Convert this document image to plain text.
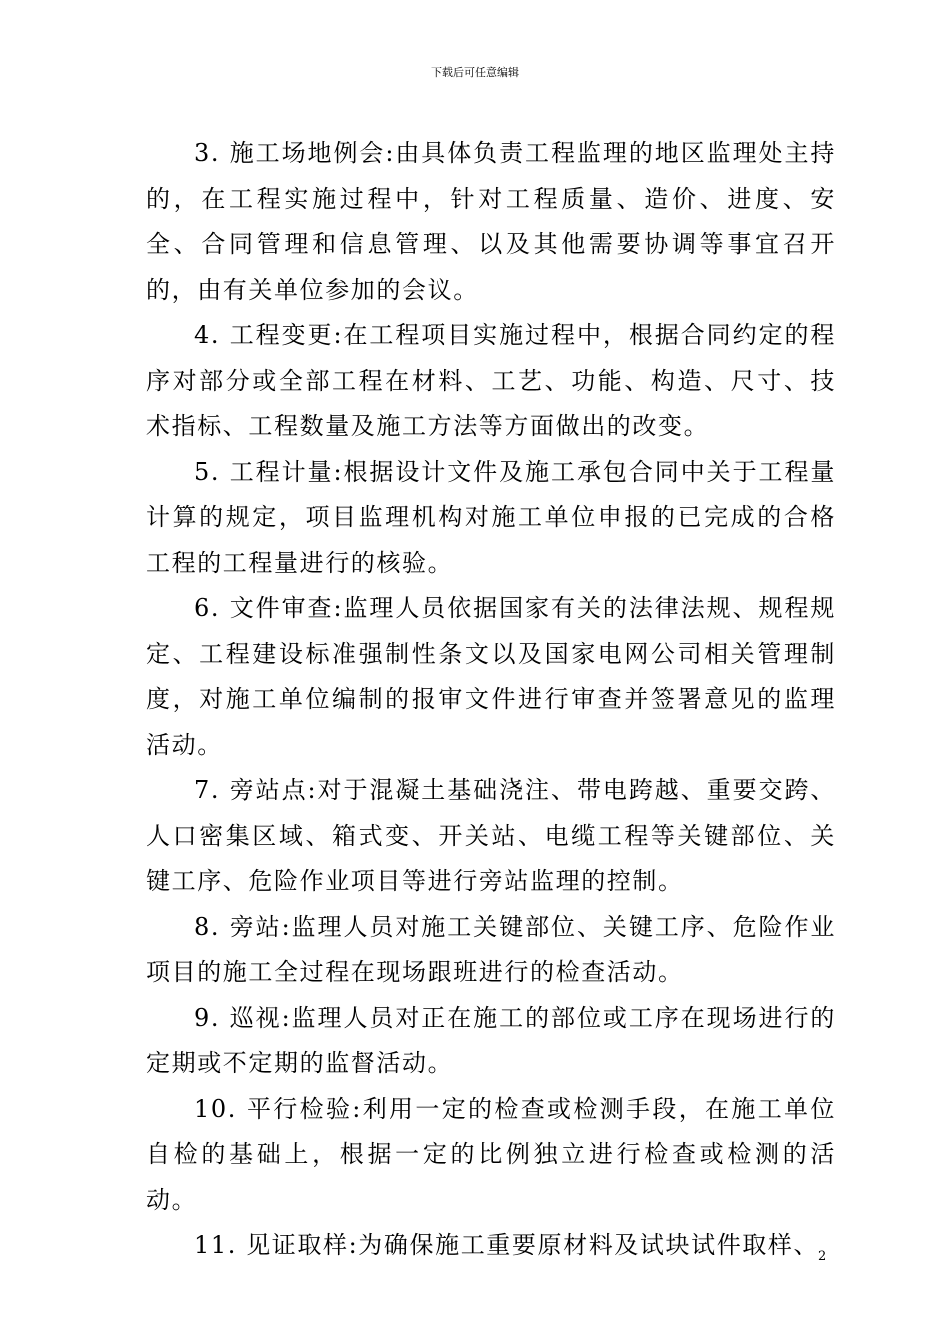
下载后可任意编辑

3. 施工场地例会:由具体负责工程监理的地区监理处主持的，在工程实施过程中，针对工程质量、造价、进度、安全、合同管理和信息管理、以及其他需要协调等事宜召开的，由有关单位参加的会议。

4. 工程变更:在工程项目实施过程中，根据合同约定的程序对部分或全部工程在材料、工艺、功能、构造、尺寸、技术指标、工程数量及施工方法等方面做出的改变。

5. 工程计量:根据设计文件及施工承包合同中关于工程量计算的规定，项目监理机构对施工单位申报的已完成的合格工程的工程量进行的核验。

6. 文件审查:监理人员依据国家有关的法律法规、规程规定、工程建设标准强制性条文以及国家电网公司相关管理制度，对施工单位编制的报审文件进行审查并签署意见的监理活动。

7. 旁站点:对于混凝土基础浇注、带电跨越、重要交跨、人口密集区域、箱式变、开关站、电缆工程等关键部位、关键工序、危险作业项目等进行旁站监理的控制。

8. 旁站:监理人员对施工关键部位、关键工序、危险作业项目的施工全过程在现场跟班进行的检查活动。

9. 巡视:监理人员对正在施工的部位或工序在现场进行的定期或不定期的监督活动。

10. 平行检验:利用一定的检查或检测手段，在施工单位自检的基础上，根据一定的比例独立进行检查或检测的活动。

11. 见证取样:为确保施工重要原材料及试块试件取样、

2
